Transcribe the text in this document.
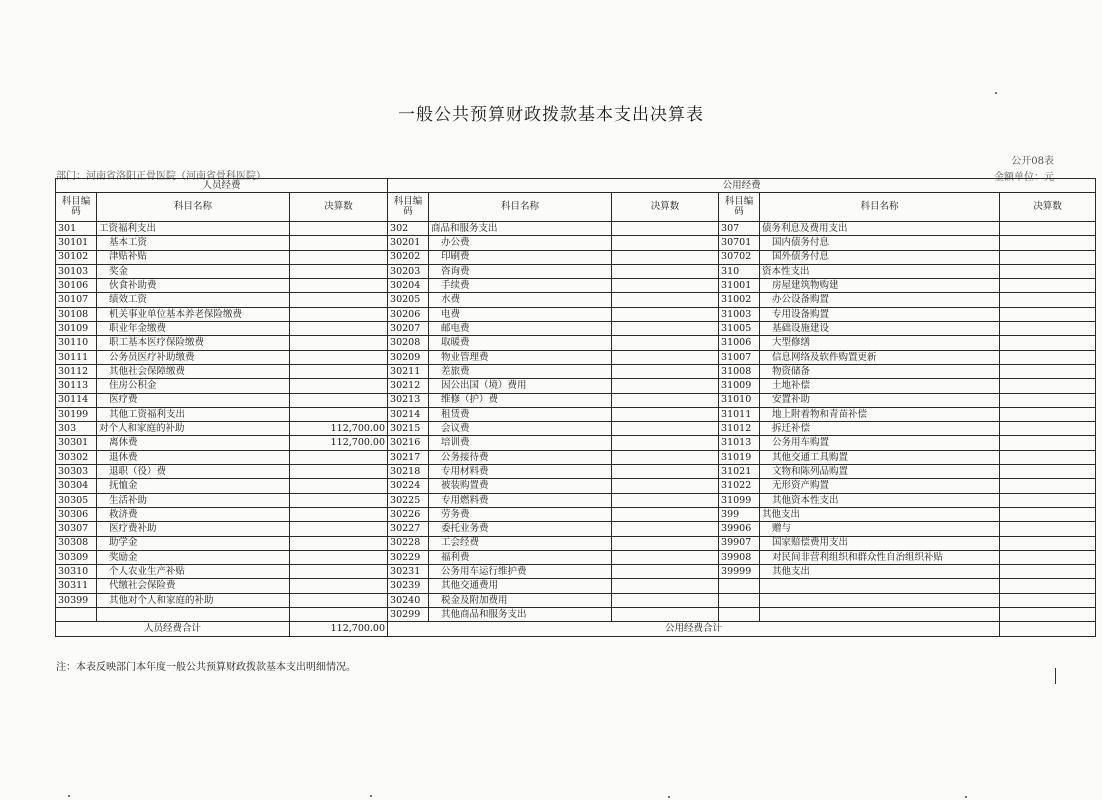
一般公共预算财政拨款基本支出决算表
公开08表
金额单位：元
部门：河南省洛阳正骨医院（河南省骨科医院）
人员经费			公用经费					
科目编码	科目名称	决算数	科目编码	科目名称	决算数	科目编码	科目名称	决算数
301	工资福利支出		302	商品和服务支出		307	债务利息及费用支出	
30101	基本工资		30201	办公费		30701	国内债务付息	
30102	津贴补贴		30202	印刷费		30702	国外债务付息	
30103	奖金		30203	咨询费		310	资本性支出	
30106	伙食补助费		30204	手续费		31001	房屋建筑物购建	
30107	绩效工资		30205	水费		31002	办公设备购置	
30108	机关事业单位基本养老保险缴费		30206	电费		31003	专用设备购置	
30109	职业年金缴费		30207	邮电费		31005	基础设施建设	
30110	职工基本医疗保险缴费		30208	取暖费		31006	大型修缮	
30111	公务员医疗补助缴费		30209	物业管理费		31007	信息网络及软件购置更新	
30112	其他社会保障缴费		30211	差旅费		31008	物资储备	
30113	住房公积金		30212	因公出国（境）费用		31009	土地补偿	
30114	医疗费		30213	维修（护）费		31010	安置补助	
30199	其他工资福利支出		30214	租赁费		31011	地上附着物和青苗补偿	
303	对个人和家庭的补助	112,700.00	30215	会议费		31012	拆迁补偿	
30301	离休费	112,700.00	30216	培训费		31013	公务用车购置	
30302	退休费		30217	公务接待费		31019	其他交通工具购置	
30303	退职（役）费		30218	专用材料费		31021	文物和陈列品购置	
30304	抚恤金		30224	被装购置费		31022	无形资产购置	
30305	生活补助		30225	专用燃料费		31099	其他资本性支出	
30306	救济费		30226	劳务费		399	其他支出	
30307	医疗费补助		30227	委托业务费		39906	赠与	
30308	助学金		30228	工会经费		39907	国家赔偿费用支出	
30309	奖励金		30229	福利费		39908	对民间非营利组织和群众性自治组织补贴	
30310	个人农业生产补贴		30231	公务用车运行维护费		39999	其他支出	
30311	代缴社会保险费		30239	其他交通费用				
30399	其他对个人和家庭的补助		30240	税金及附加费用				
			30299	其他商品和服务支出				
人员经费合计		112,700.00	公用经费合计					
注：本表反映部门本年度一般公共预算财政拨款基本支出明细情况。
